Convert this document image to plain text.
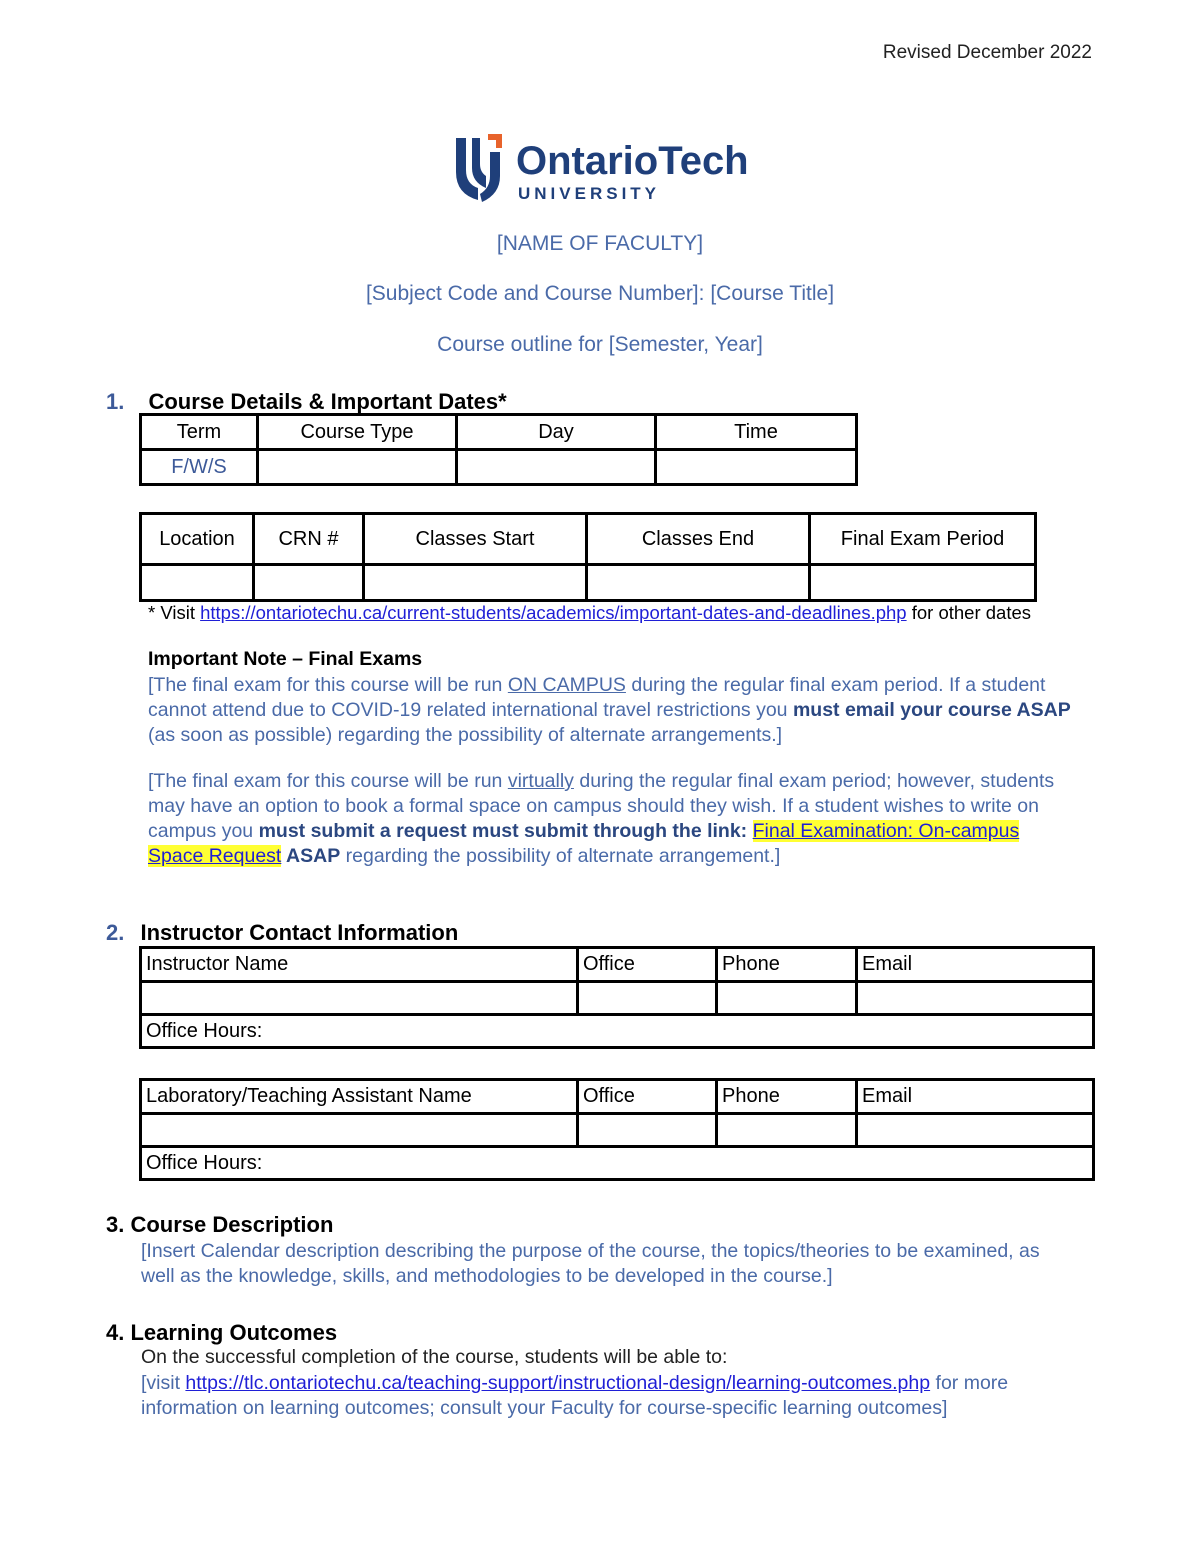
Revised December 2022
OntarioTech
UNIVERSITY
[NAME OF FACULTY]
[Subject Code and Course Number]: [Course Title]
Course outline for [Semester, Year]
1. Course Details & Important Dates*
Term	Course Type	Day	Time
F/W/S			
Location	CRN #	Classes Start	Classes End	Final Exam Period

* Visit https://ontariotechu.ca/current-students/academics/important-dates-and-deadlines.php for other dates
Important Note – Final Exams
[The final exam for this course will be run ON CAMPUS during the regular final exam period. If a student cannot attend due to COVID-19 related international travel restrictions you must email your course ASAP (as soon as possible) regarding the possibility of alternate arrangements.]
[The final exam for this course will be run virtually during the regular final exam period; however, students may have an option to book a formal space on campus should they wish. If a student wishes to write on campus you must submit a request must submit through the link: Final Examination: On-campus Space Request ASAP regarding the possibility of alternate arrangement.]
2. Instructor Contact Information
Instructor Name	Office	Phone	Email

Office Hours:			
Laboratory/Teaching Assistant Name	Office	Phone	Email

Office Hours:			
3. Course Description
[Insert Calendar description describing the purpose of the course, the topics/theories to be examined, as well as the knowledge, skills, and methodologies to be developed in the course.]
4. Learning Outcomes
On the successful completion of the course, students will be able to:
[visit https://tlc.ontariotechu.ca/teaching-support/instructional-design/learning-outcomes.php for more information on learning outcomes; consult your Faculty for course-specific learning outcomes]
